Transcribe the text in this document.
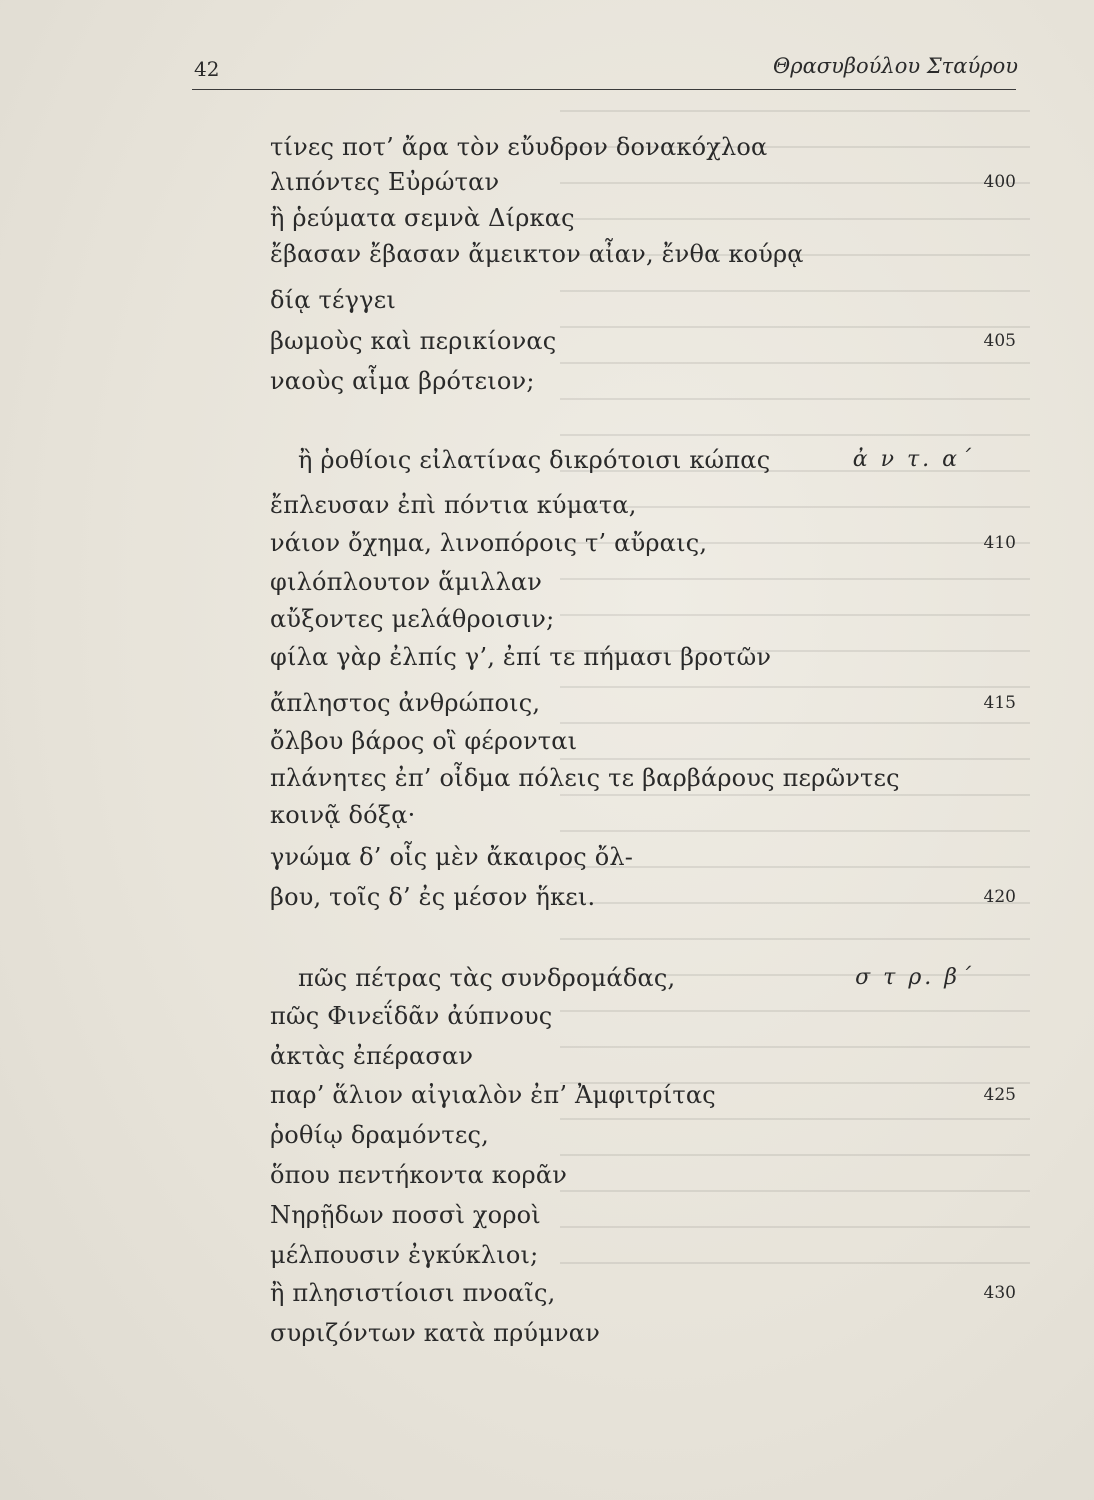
42	Θρασυβούλου Σταύρου
τίνες ποτ’ ἄρα τὸν εὔυδρον δονακόχλοα
λιπόντες Εὐρώταν	400
ἢ ῥεύματα σεμνὰ Δίρκας
ἔβασαν ἔβασαν ἄμεικτον αἶαν, ἔνθα κούρᾳ
δίᾳ τέγγει
βωμοὺς καὶ περικίονας	405
ναοὺς αἷμα βρότειον;
ἢ ῥοθίοις εἰλατίνας δικρότοισι κώπας	ἀ ν τ. α΄
ἔπλευσαν ἐπὶ πόντια κύματα,
νάιον ὄχημα, λινοπόροις τ’ αὔραις,	410
φιλόπλουτον ἅμιλλαν
αὔξοντες μελάθροισιν;
φίλα γὰρ ἐλπίς γ’, ἐπί τε πήμασι βροτῶν
ἄπληστος ἀνθρώποις,	415
ὄλβου βάρος οἳ φέρονται
πλάνητες ἐπ’ οἶδμα πόλεις τε βαρβάρους περῶντες
κοινᾷ δόξᾳ·
γνώμα δ’ οἷς μὲν ἄκαιρος ὄλ-
βου, τοῖς δ’ ἐς μέσον ἥκει.	420
πῶς πέτρας τὰς συνδρομάδας,	σ τ ρ. β΄
πῶς Φινεΐδᾶν ἀύπνους
ἀκτὰς ἐπέρασαν
παρ’ ἅλιον αἰγιαλὸν ἐπ’ Ἀμφιτρίτας	425
ῥοθίῳ δραμόντες,
ὅπου πεντήκοντα κορᾶν
Νηρῇδων ποσσὶ χοροὶ
μέλπουσιν ἐγκύκλιοι;
ἢ πλησιστίοισι πνοαῖς,	430
συριζόντων κατὰ πρύμναν
